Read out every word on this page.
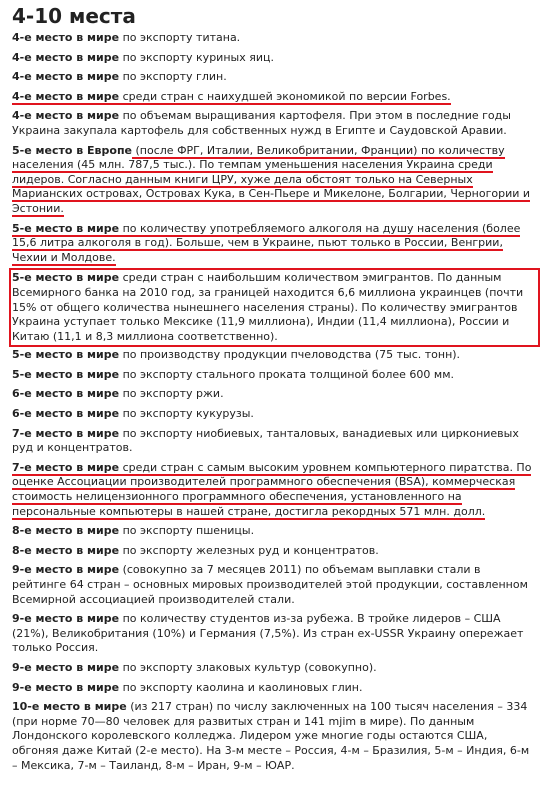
4-10 места

4-е место в мире по экспорту титана.

4-е место в мире по экспорту куриных яиц.

4-е место в мире по экспорту глин.

4-е место в мире среди стран с наихудшей экономикой по версии Forbes.

4-е место в мире по объемам выращивания картофеля. При этом в последние годы Украина закупала картофель для собственных нужд в Египте и Саудовской Аравии.

5-е место в Европе (после ФРГ, Италии, Великобритании, Франции) по количеству населения (45 млн. 787,5 тыс.). По темпам уменьшения населения Украина среди лидеров. Согласно данным книги ЦРУ, хуже дела обстоят только на Северных Марианских островах, Островах Кука, в Сен-Пьере и Микелоне, Болгарии, Черногории и Эстонии.

5-е место в мире по количеству употребляемого алкоголя на душу населения (более 15,6 литра алкоголя в год). Больше, чем в Украине, пьют только в России, Венгрии, Чехии и Молдове.

5-е место в мире среди стран с наибольшим количеством эмигрантов. По данным Всемирного банка на 2010 год, за границей находится 6,6 миллиона украинцев (почти 15% от общего количества нынешнего населения страны). По количеству эмигрантов Украина уступает только Мексике (11,9 миллиона), Индии (11,4 миллиона), России и Китаю (11,1 и 8,3 миллиона соответственно).

5-е место в мире по производству продукции пчеловодства (75 тыс. тонн).

5-е место в мире по экспорту стального проката толщиной более 600 мм.

6-е место в мире по экспорту ржи.

6-е место в мире по экспорту кукурузы.

7-е место в мире по экспорту ниобиевых, танталовых, ванадиевых или циркониевых руд и концентратов.

7-е место в мире среди стран с самым высоким уровнем компьютерного пиратства. По оценке Ассоциации производителей программного обеспечения (BSA), коммерческая стоимость нелицензионного программного обеспечения, установленного на персональные компьютеры в нашей стране, достигла рекордных 571 млн. долл.

8-е место в мире по экспорту пшеницы.

8-е место в мире по экспорту железных руд и концентратов.

9-е место в мире (совокупно за 7 месяцев 2011) по объемам выплавки стали в рейтинге 64 стран – основных мировых производителей этой продукции, составленном Всемирной ассоциацией производителей стали.

9-е место в мире по количеству студентов из-за рубежа. В тройке лидеров – США (21%), Великобритания (10%) и Германия (7,5%). Из стран ex-USSR Украину опережает только Россия.

9-е место в мире по экспорту злаковых культур (совокупно).

9-е место в мире по экспорту каолина и каолиновых глин.

10-е место в мире (из 217 стран) по числу заключенных на 100 тысяч населения – 334 (при норме 70—80 человек для развитых стран и 141 mjim в мире). По данным Лондонского королевского колледжа. Лидером уже многие годы остаются США, обгоняя даже Китай (2-е место). На 3-м месте – Россия, 4-м – Бразилия, 5-м – Индия, 6-м – Мексика, 7-м – Таиланд, 8-м – Иран, 9-м – ЮАР.
